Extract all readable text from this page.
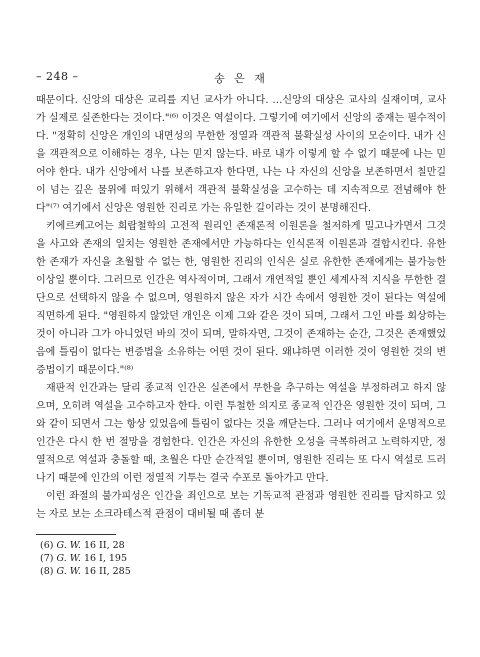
– 248 –	송 은 재

때문이다. 신앙의 대상은 교리를 지닌 교사가 아니다. …신앙의 대상은 교사의 실재이며, 교사가 실제로 실존한다는 것이다."⁽⁶⁾ 이것은 역설이다. 그렇기에 여기에서 신앙의 중재는 필수적이다. "정확히 신앙은 개인의 내면성의 무한한 정열과 객관적 불확실성 사이의 모순이다. 내가 신을 객관적으로 이해하는 경우, 나는 믿지 않는다. 바로 내가 이렇게 할 수 없기 때문에 나는 믿어야 한다. 내가 신앙에서 나를 보존하고자 한다면, 나는 나 자신의 신앙을 보존하면서 칠만길이 넘는 깊은 물위에 떠있기 위해서 객관적 불확실성을 고수하는 데 지속적으로 전념해야 한다"⁽⁷⁾ 여기에서 신앙은 영원한 진리로 가는 유일한 길이라는 것이 분명해진다.

키에르케고어는 희랍철학의 고전적 원리인 존재론적 이원론을 철저하게 밀고나가면서 그것을 사고와 존재의 일치는 영원한 존재에서만 가능하다는 인식론적 이원론과 결합시킨다. 유한한 존재가 자신을 초월할 수 없는 한, 영원한 진리의 인식은 실로 유한한 존재에게는 불가능한 이상일 뿐이다. 그러므로 인간은 역사적이며, 그래서 개연적일 뿐인 세계사적 지식을 무한한 결단으로 선택하지 않을 수 없으며, 영원하지 않은 자가 시간 속에서 영원한 것이 된다는 역설에 직면하게 된다. "영원하지 않았던 개인은 이제 그와 같은 것이 되며, 그래서 그인 바를 회상하는 것이 아니라 그가 아니었던 바의 것이 되며, 말하자면, 그것이 존재하는 순간, 그것은 존재했었음에 틀림이 없다는 변증법을 소유하는 어떤 것이 된다. 왜냐하면 이러한 것이 영원한 것의 변증법이기 때문이다."⁽⁸⁾

재판적 인간과는 달리 종교적 인간은 실존에서 무한을 추구하는 역설을 부정하려고 하지 않으며, 오히려 역설을 고수하고자 한다. 이런 투철한 의지로 종교적 인간은 영원한 것이 되며, 그와 같이 되면서 그는 항상 있었음에 틀림이 없다는 것을 깨닫는다. 그러나 여기에서 운명적으로 인간은 다시 한 번 절망을 경험한다. 인간은 자신의 유한한 오성을 극복하려고 노력하지만, 정열적으로 역설과 충돌할 때, 초월은 다만 순간적일 뿐이며, 영원한 진리는 또 다시 역설로 드러나기 때문에 인간의 이런 정열적 기투는 결국 수포로 돌아가고 만다.

이런 좌절의 불가피성은 인간을 죄인으로 보는 기독교적 관점과 영원한 진리를 담지하고 있는 자로 보는 소크라테스적 관점이 대비될 때 좀더 분

(6) G. W. 16 II, 28
(7) G. W. 16 I, 195
(8) G. W. 16 II, 285
